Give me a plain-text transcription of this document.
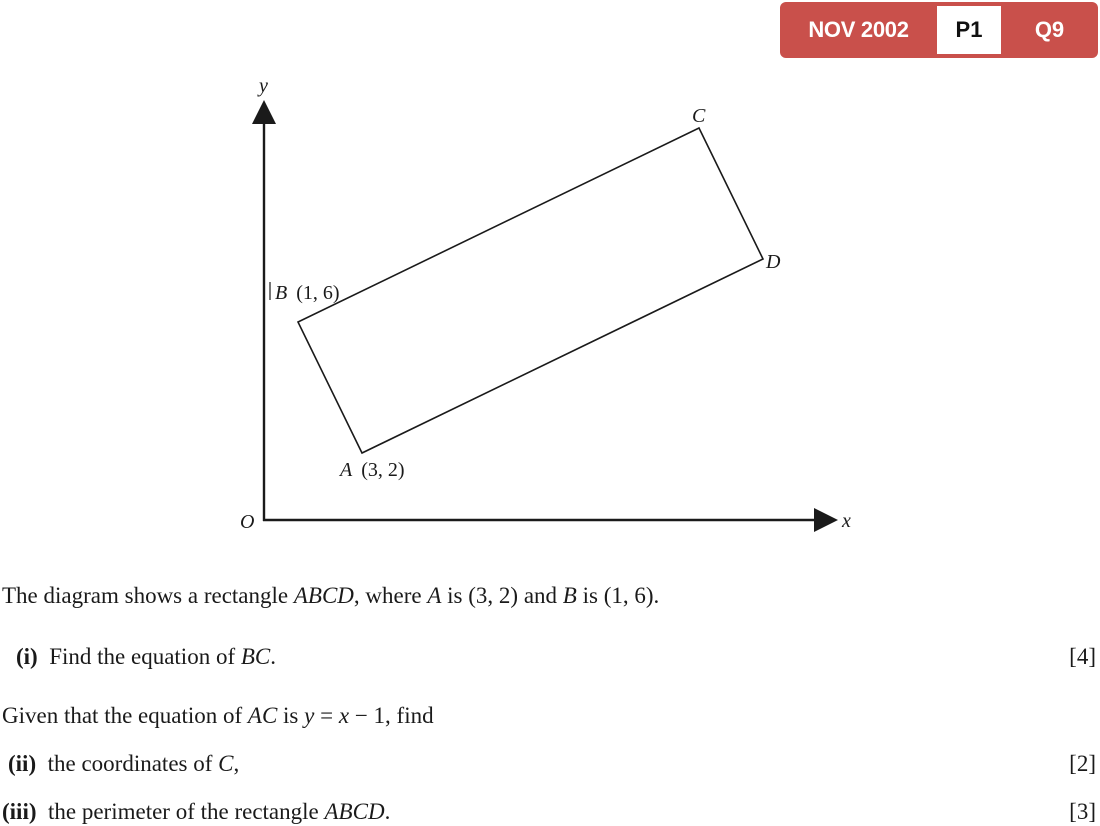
NOV 2002	P1	Q9
y
x
O
B (1, 6)
A (3, 2)
C
D
The diagram shows a rectangle ABCD, where A is (3, 2) and B is (1, 6).
(i) Find the equation of BC.	[4]
Given that the equation of AC is y = x − 1, find
(ii) the coordinates of C,	[2]
(iii) the perimeter of the rectangle ABCD.	[3]
